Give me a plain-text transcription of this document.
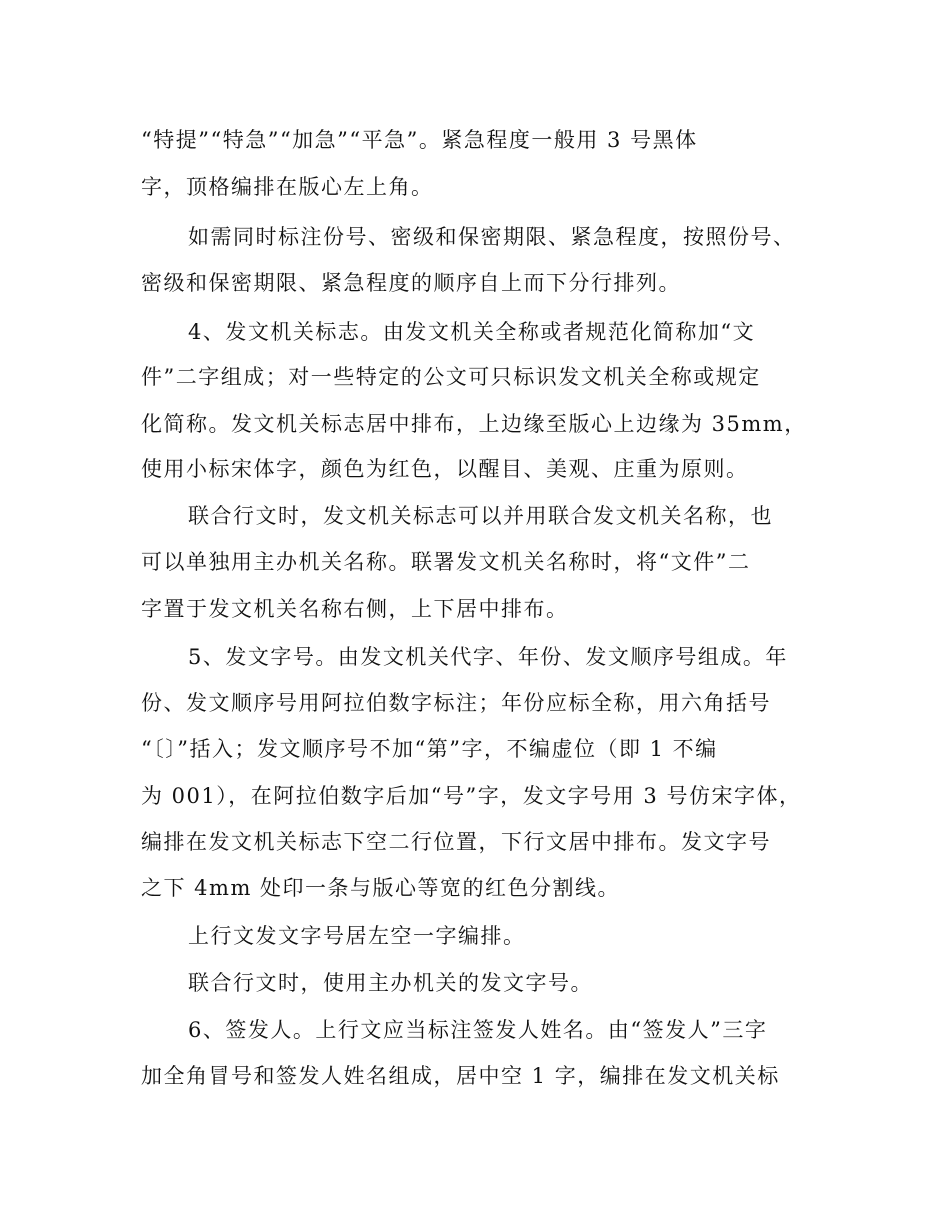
“特提”“特急”“加急”“平急”。紧急程度一般用 3 号黑体
字，顶格编排在版心左上角。
如需同时标注份号、密级和保密期限、紧急程度，按照份号、
密级和保密期限、紧急程度的顺序自上而下分行排列。
4、发文机关标志。由发文机关全称或者规范化简称加“文
件”二字组成；对一些特定的公文可只标识发文机关全称或规定
化简称。发文机关标志居中排布，上边缘至版心上边缘为 35mm，
使用小标宋体字，颜色为红色，以醒目、美观、庄重为原则。
联合行文时，发文机关标志可以并用联合发文机关名称，也
可以单独用主办机关名称。联署发文机关名称时，将“文件”二
字置于发文机关名称右侧，上下居中排布。
5、发文字号。由发文机关代字、年份、发文顺序号组成。年
份、发文顺序号用阿拉伯数字标注；年份应标全称，用六角括号
“〔〕”括入；发文顺序号不加“第”字，不编虚位（即 1 不编
为 001），在阿拉伯数字后加“号”字，发文字号用 3 号仿宋字体，
编排在发文机关标志下空二行位置，下行文居中排布。发文字号
之下 4mm 处印一条与版心等宽的红色分割线。
上行文发文字号居左空一字编排。
联合行文时，使用主办机关的发文字号。
6、签发人。上行文应当标注签发人姓名。由“签发人”三字
加全角冒号和签发人姓名组成，居中空 1 字，编排在发文机关标
